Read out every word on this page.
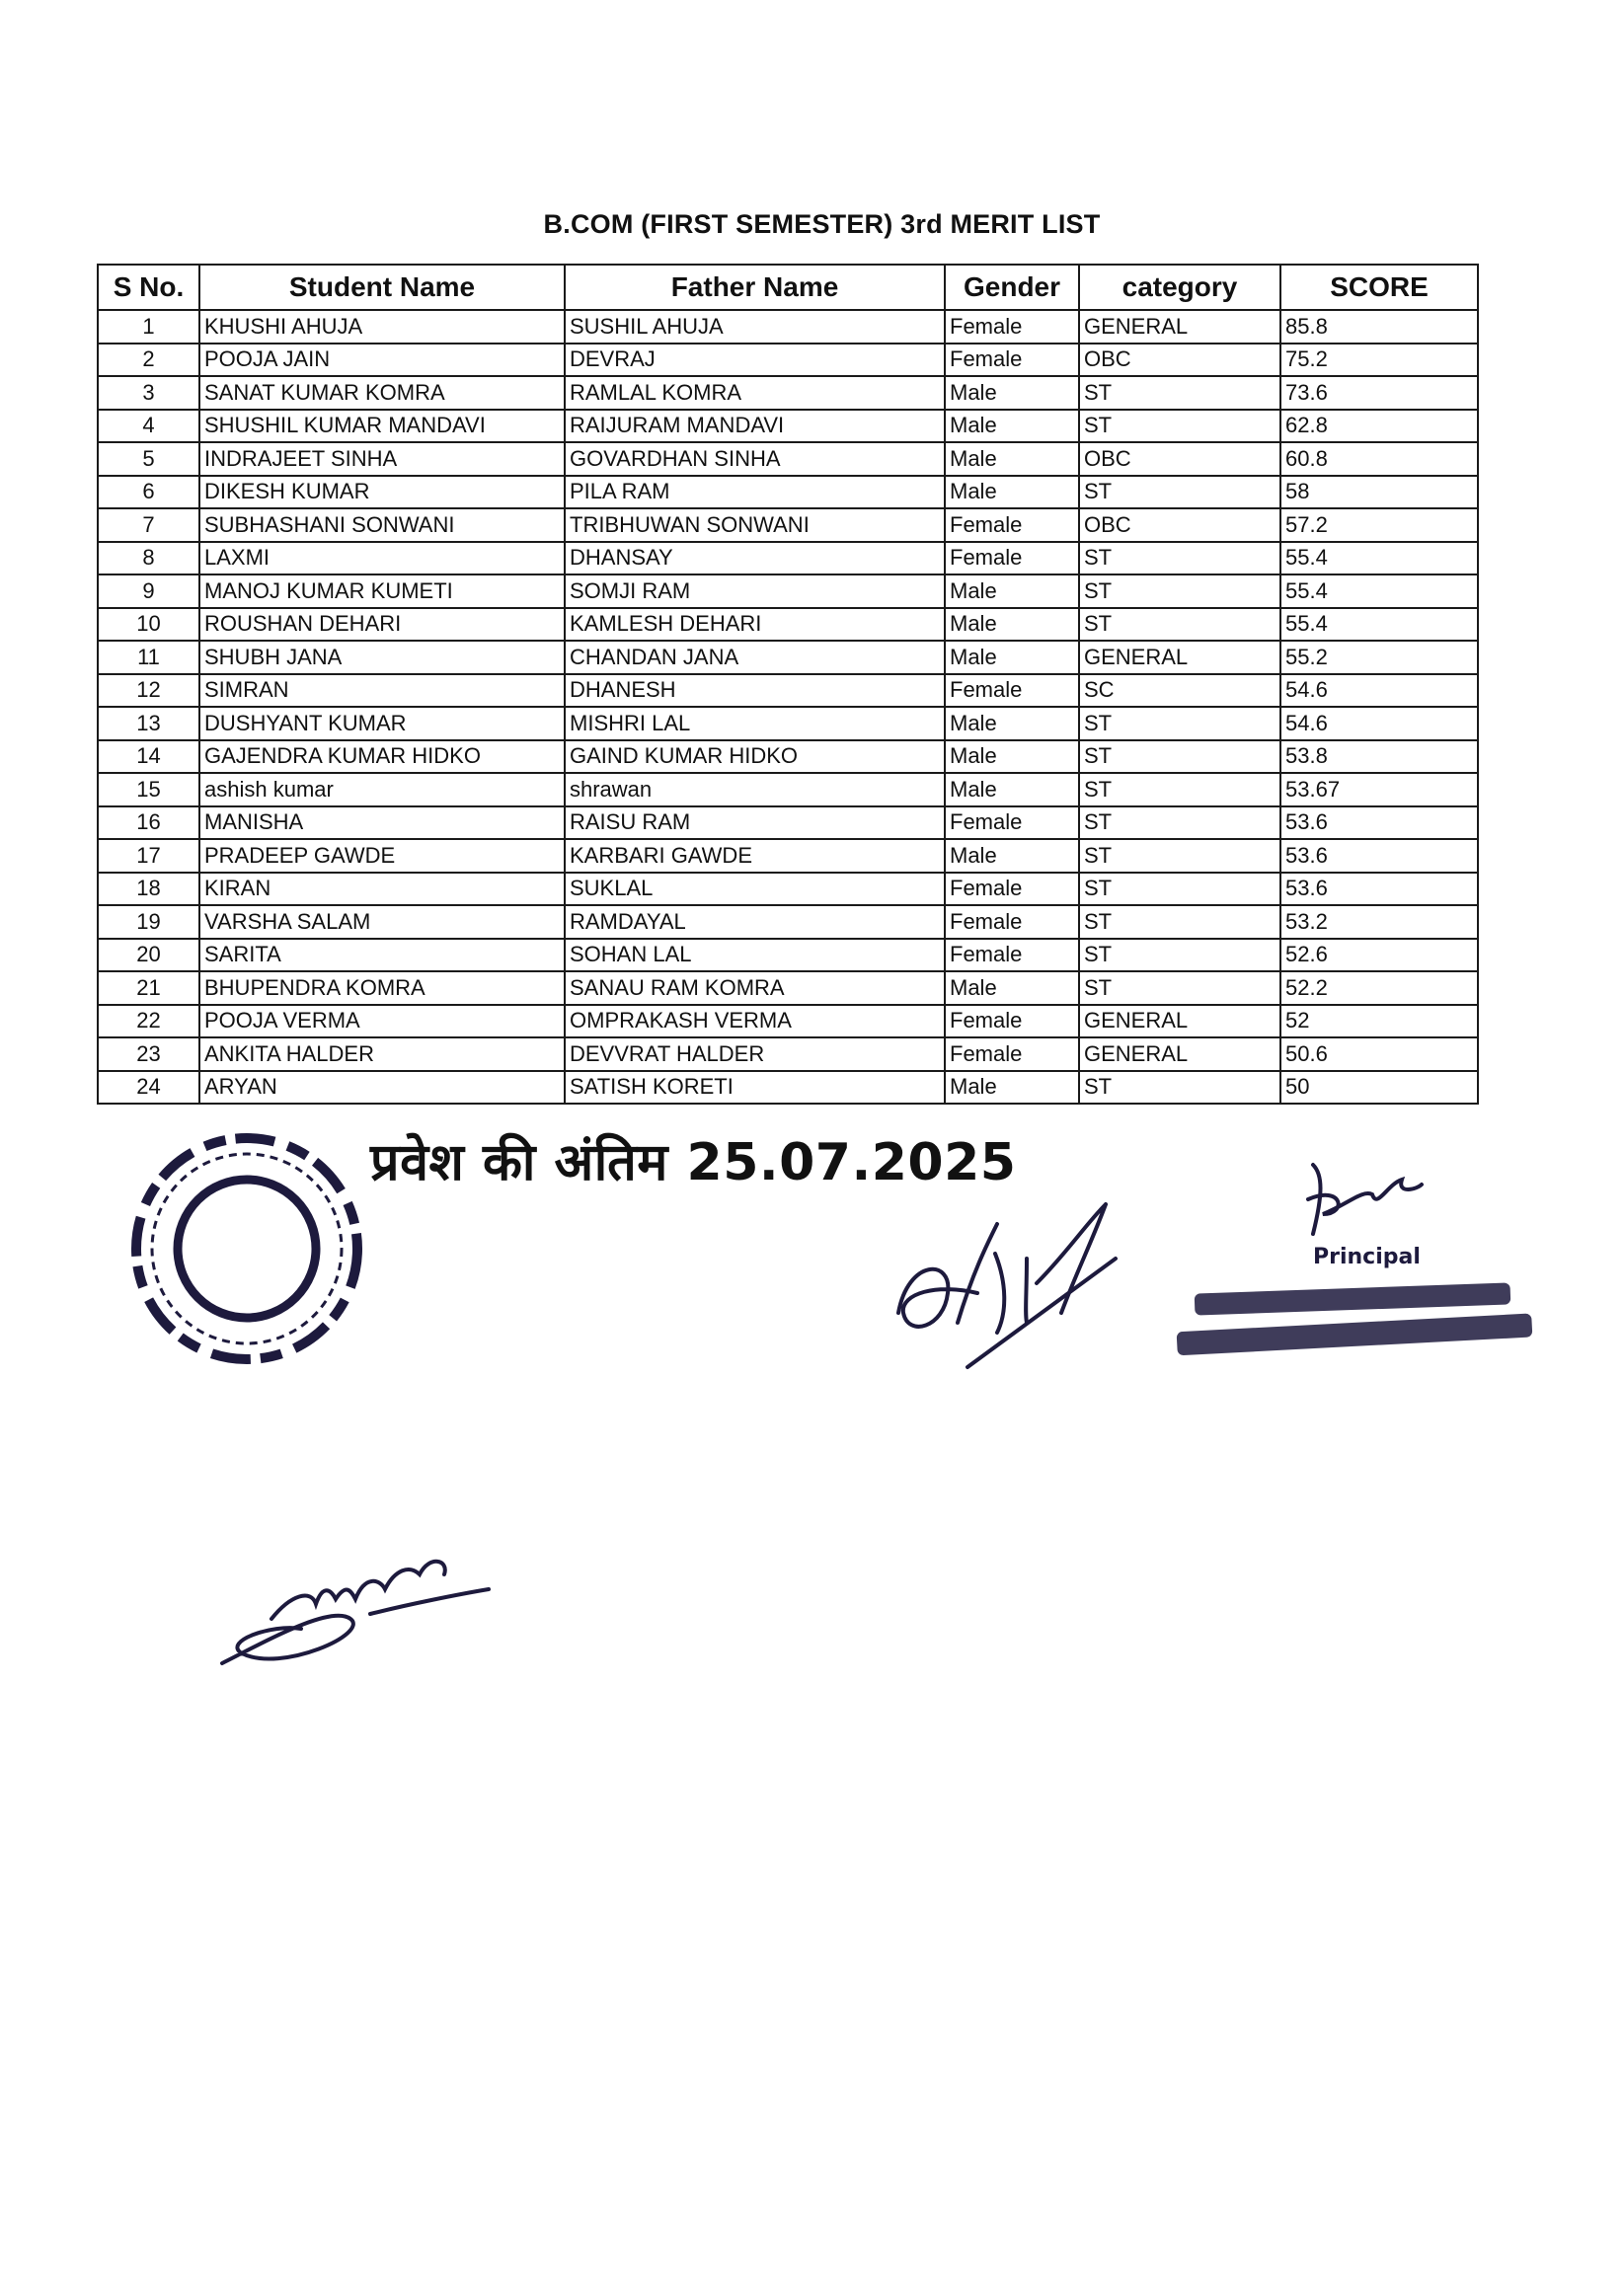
B.COM (FIRST SEMESTER) 3rd MERIT LIST
S No.	Student Name	Father Name	Gender	category	SCORE
1	KHUSHI AHUJA	SUSHIL AHUJA	Female	GENERAL	85.8
2	POOJA JAIN	DEVRAJ	Female	OBC	75.2
3	SANAT KUMAR KOMRA	RAMLAL KOMRA	Male	ST	73.6
4	SHUSHIL KUMAR MANDAVI	RAIJURAM MANDAVI	Male	ST	62.8
5	INDRAJEET SINHA	GOVARDHAN SINHA	Male	OBC	60.8
6	DIKESH KUMAR	PILA RAM	Male	ST	58
7	SUBHASHANI SONWANI	TRIBHUWAN SONWANI	Female	OBC	57.2
8	LAXMI	DHANSAY	Female	ST	55.4
9	MANOJ KUMAR KUMETI	SOMJI RAM	Male	ST	55.4
10	ROUSHAN DEHARI	KAMLESH DEHARI	Male	ST	55.4
11	SHUBH JANA	CHANDAN JANA	Male	GENERAL	55.2
12	SIMRAN	DHANESH	Female	SC	54.6
13	DUSHYANT KUMAR	MISHRI LAL	Male	ST	54.6
14	GAJENDRA KUMAR HIDKO	GAIND KUMAR HIDKO	Male	ST	53.8
15	ashish kumar	shrawan	Male	ST	53.67
16	MANISHA	RAISU RAM	Female	ST	53.6
17	PRADEEP GAWDE	KARBARI GAWDE	Male	ST	53.6
18	KIRAN	SUKLAL	Female	ST	53.6
19	VARSHA SALAM	RAMDAYAL	Female	ST	53.2
20	SARITA	SOHAN LAL	Female	ST	52.6
21	BHUPENDRA KOMRA	SANAU RAM KOMRA	Male	ST	52.2
22	POOJA VERMA	OMPRAKASH VERMA	Female	GENERAL	52
23	ANKITA HALDER	DEVVRAT HALDER	Female	GENERAL	50.6
24	ARYAN	SATISH KORETI	Male	ST	50
प्रवेश की अंतिम 25.07.2025
Principal
